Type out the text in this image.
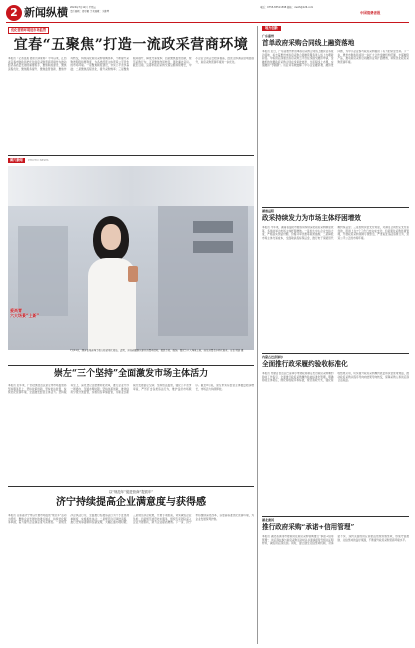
2 新闻纵横 2024年7月12日 星期五
责任编辑：周亭惠 美术编辑：李维琴
电话：0755-83511598 邮箱：xwzh@126.com
中国消费者报
优化营商环境进市场监管
宜春“五聚焦”打造一流政采营商环境
本报讯（记者张燕 通讯员肖紫婷）今年以来，江西省宜春市财政局把优化政府采购营商环境作为推动经济高质量发展的重要抓手，聚焦制度建设、聚焦流程优化、聚焦服务提升、聚焦监管创新、聚焦作风转变，持续深化政府采购领域改革，不断提升采购透明度和便利度，为各类经营主体营造公平竞争的市场环境。一是聚焦制度建设，夯实公平竞争基础；二是聚焦流程优化，提升采购效率；三是聚焦服务提升，降低交易成本；四是聚焦监管创新，规范采购行为；五是聚焦作风转变，强化廉洁意识。截至目前，宜春市政府采购交易总额持续增长，中小企业合同占比稳步提高，经营主体满意度明显提升，政府采购营商环境进一步优化。
图片新闻	PHOTO NEWS
爱尚青
六大场景“上新”
7月11日，顾客在某商场美妆专柜试用化妆品。近期，多地商圈推出夏日消费季活动，聚焦美妆、服饰、餐饮等六大场景上新，满足消费者多样化需求。记者 郭晨 摄
崇左“三个坚持”全面激发市场主体活力
本报讯 近年来，广西壮族自治区崇左市市场监管局坚持服务至上、坚持改革创新、坚持依法监管，持续优化营商环境，全面激发经营主体活力。坚持服务至上，深化登记注册便利化改革，推行企业开办一网通办，压缩办理时限；坚持改革创新，推进信用分级分类监管，实施包容审慎监管，为新业态新模式发展留足空间；坚持依法监管，强化公平竞争审查，严厉打击各类违法行为，维护良好市场秩序。截至6月底，崇左市实有经营主体数量稳步增长，市场活力持续释放。
以“规范年”促进营商“提质年”
济宁持续提高企业满意度与获得感
本报讯 山东省济宁市以开展市场监管“规范年”活动为契机，聚焦企业发展中的难点堵点，持续优化服务举措，着力提升企业满意度与获得感。一是规范涉企执法行为，全面推行轻微违法行为不予处罚清单制度，实施柔性执法；二是规范许可审批流程，推行告知承诺制和容缺受理，大幅压缩办理时限；三是规范涉企收费，开展专项检查，切实减轻企业负担；四是规范质量技术服务，组织专家团队深入企业开展帮扶，助力企业提质增效。下一步，济宁市将继续深化改革，以更高标准优化营商环境，为企业发展保驾护航。
地方创新
广东惠州
首单政府采购合同线上融资落地
本报讯 近日，广东省惠州市首单政府采购合同线上融资业务成功落地，标志着惠州市政府采购合同融资服务进入线上办理新阶段。中标供应商通过政府采购云平台在线提交融资申请，金融机构依据政府采购合同在线审批放款，全流程线上办理，实现融资“零跑腿”。该业务有效缓解了中小企业融资难、融资贵问题，为中小企业参与政府采购提供了有力的资金支持。下一步，惠州市财政局将进一步扩大合作金融机构范围，丰富融资产品，推动政府采购合同融资业务扩面增效，持续优化政府采购营商环境。
湖南益阳
政采持续发力为市场主体纾困增效
本报讯 今年来，湖南省益阳市财政局持续深化政府采购制度改革，多措并举为市场主体纾困增效。一是加大中小企业支持力度，严格落实预留份额、价格评审优惠等政策措施；二是降低市场主体交易成本，全面取消投标保证金，推行电子保函替代履约保证金；三是加快资金支付进度，对满足合同约定支付条件的，原则上在7个工作日内完成支付；四是强化采购监督管理，开展政府采购领域专项整治，严肃查处违法违规行为，营造公平公正的市场环境。
内蒙古巴彦淖尔
全面推行政采履约验收标准化
本报讯 内蒙古自治区巴彦淖尔市财政局制定出台政府采购履约验收工作指引，全面推行政府采购履约验收标准化管理。明确验收主体责任，细化验收程序和标准，规范验收方式，强化验收结果运用，切实提升政府采购履约质量和资金使用效益，推动政府采购从程序导向向结果导向转变，保障采购人和供应商合法权益。
湖北黄冈
推行政府采购“承诺+信用管理”
本报讯 湖北省黄冈市财政局在政府采购领域推行“承诺+信用管理”，供应商在参与政府采购活动时以书面承诺替代相关证明材料，减轻供应商负担。同时，建立健全失信惩戒机制，对承诺不实、违约失信的供应商依法依规实施惩戒，形成守信激励、失信惩戒的良好氛围，不断提升政府采购营商环境水平。
